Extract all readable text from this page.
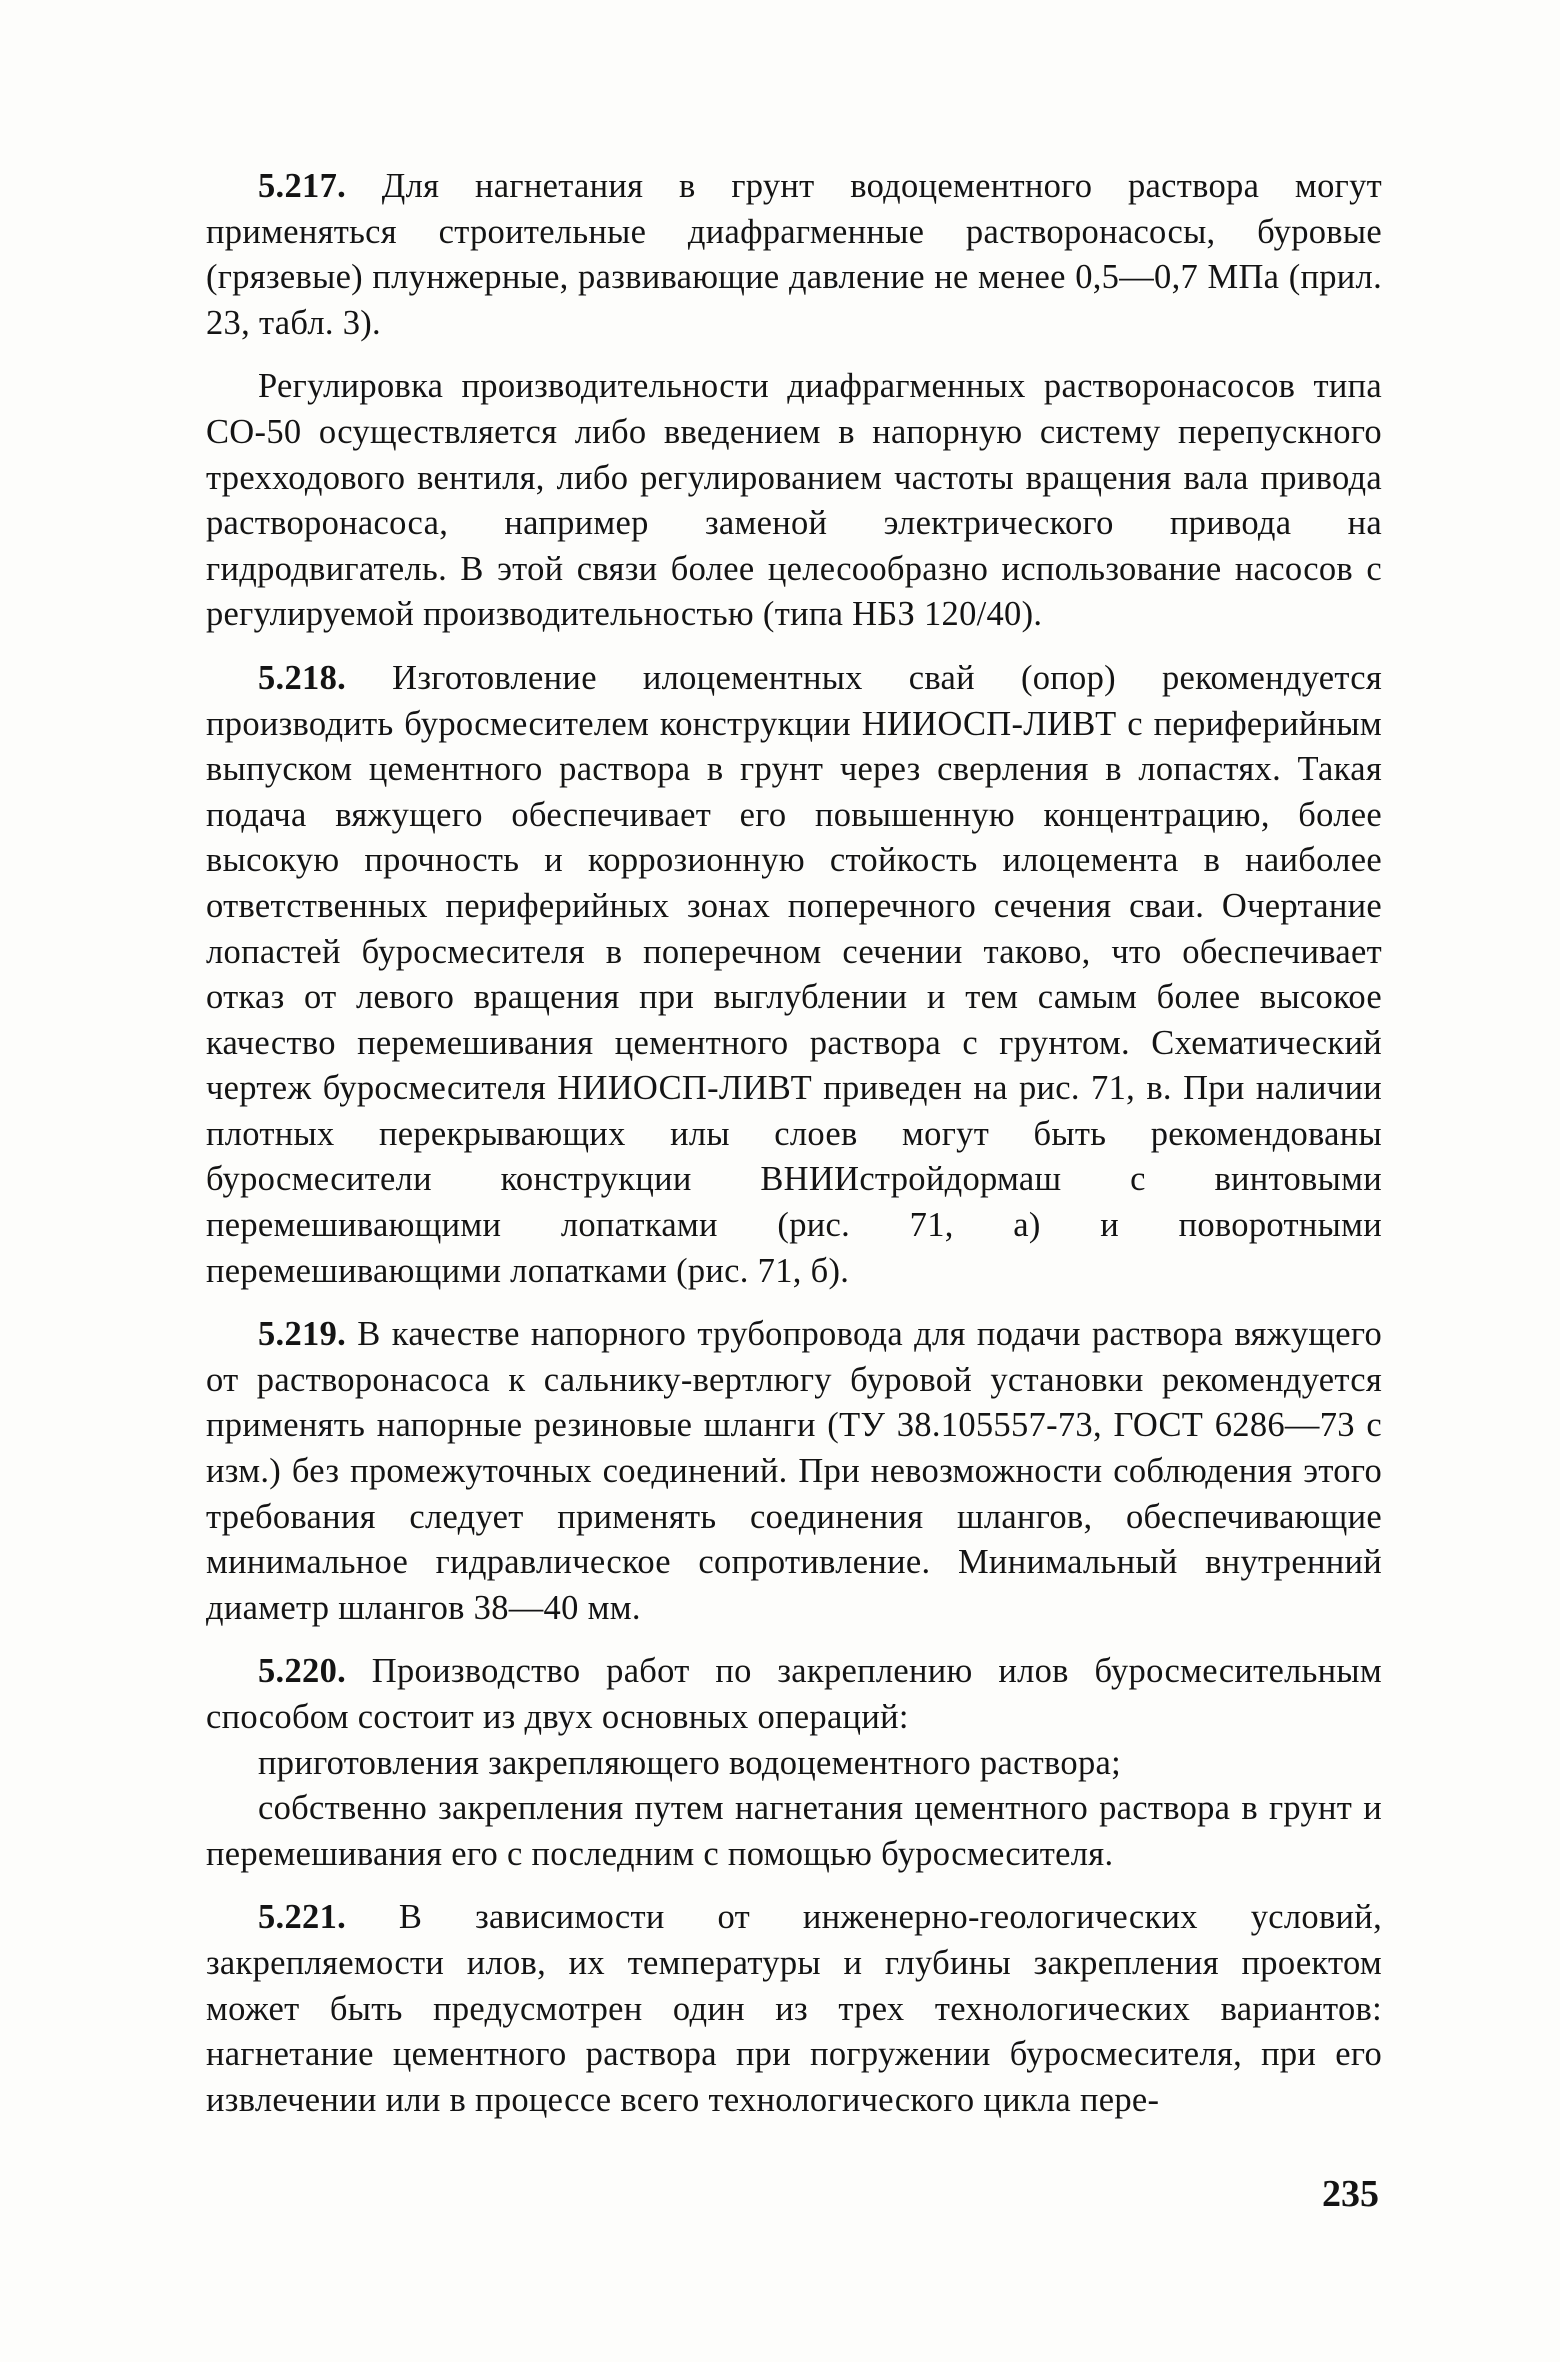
5.217. Для нагнетания в грунт водоцементного раствора могут применяться строительные диафрагменные растворонасосы, буровые (грязевые) плунжерные, развивающие давление не менее 0,5—0,7 МПа (прил. 23, табл. 3).

Регулировка производительности диафрагменных растворонасосов типа СО-50 осуществляется либо введением в напорную систему перепускного трехходового вентиля, либо регулированием частоты вращения вала привода растворонасоса, например заменой электрического привода на гидродвигатель. В этой связи более целесообразно использование насосов с регулируемой производительностью (типа НБЗ 120/40).

5.218. Изготовление илоцементных свай (опор) рекомендуется производить буросмесителем конструкции НИИОСП-ЛИВТ с периферийным выпуском цементного раствора в грунт через сверления в лопастях. Такая подача вяжущего обеспечивает его повышенную концентрацию, более высокую прочность и коррозионную стойкость илоцемента в наиболее ответственных периферийных зонах поперечного сечения сваи. Очертание лопастей буросмесителя в поперечном сечении таково, что обеспечивает отказ от левого вращения при выглублении и тем самым более высокое качество перемешивания цементного раствора с грунтом. Схематический чертеж буросмесителя НИИОСП-ЛИВТ приведен на рис. 71, в. При наличии плотных перекрывающих илы слоев могут быть рекомендованы буросмесители конструкции ВНИИстройдормаш с винтовыми перемешивающими лопатками (рис. 71, а) и поворотными перемешивающими лопатками (рис. 71, б).

5.219. В качестве напорного трубопровода для подачи раствора вяжущего от растворонасоса к сальнику-вертлюгу буровой установки рекомендуется применять напорные резиновые шланги (ТУ 38.105557-73, ГОСТ 6286—73 с изм.) без промежуточных соединений. При невозможности соблюдения этого требования следует применять соединения шлангов, обеспечивающие минимальное гидравлическое сопротивление. Минимальный внутренний диаметр шлангов 38—40 мм.

5.220. Производство работ по закреплению илов буросмесительным способом состоит из двух основных операций:

приготовления закрепляющего водоцементного раствора;

собственно закрепления путем нагнетания цементного раствора в грунт и перемешивания его с последним с помощью буросмесителя.

5.221. В зависимости от инженерно-геологических условий, закрепляемости илов, их температуры и глубины закрепления проектом может быть предусмотрен один из трех технологических вариантов: нагнетание цементного раствора при погружении буросмесителя, при его извлечении или в процессе всего технологического цикла пере-

235
